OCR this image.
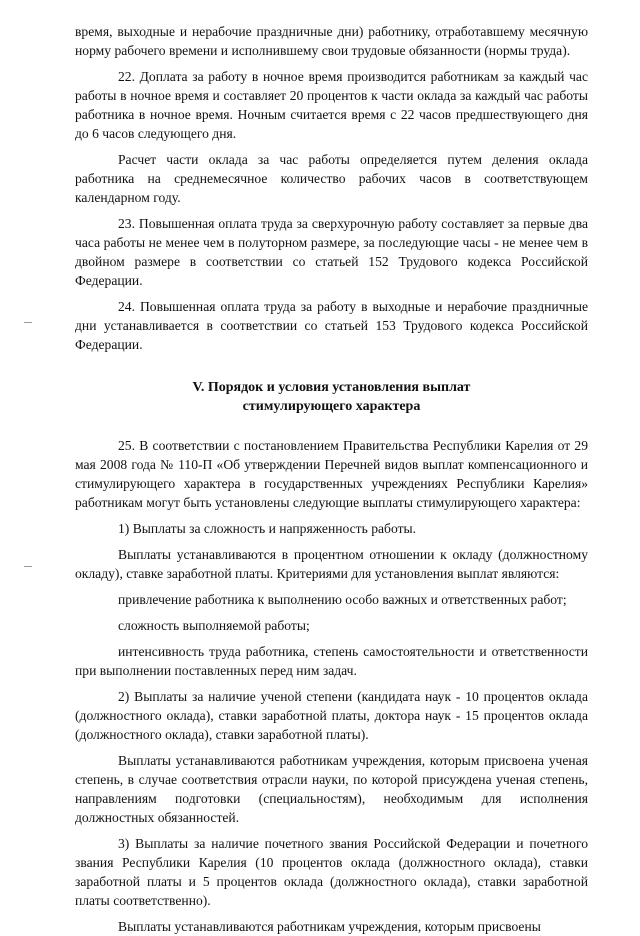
время, выходные и нерабочие праздничные дни) работнику, отработавшему месячную норму рабочего времени и исполнившему свои трудовые обязанности (нормы труда).

22. Доплата за работу в ночное время производится работникам за каждый час работы в ночное время и составляет 20 процентов к части оклада за каждый час работы работника в ночное время. Ночным считается время с 22 часов предшествующего дня до 6 часов следующего дня.

Расчет части оклада за час работы определяется путем деления оклада работника на среднемесячное количество рабочих часов в соответствующем календарном году.

23. Повышенная оплата труда за сверхурочную работу составляет за первые два часа работы не менее чем в полуторном размере, за последующие часы - не менее чем в двойном размере в соответствии со статьей 152 Трудового кодекса Российской Федерации.

24. Повышенная оплата труда за работу в выходные и нерабочие праздничные дни устанавливается в соответствии со статьей 153 Трудового кодекса Российской Федерации.

V. Порядок и условия установления выплат
стимулирующего характера

25. В соответствии с постановлением Правительства Республики Карелия от 29 мая 2008 года № 110-П «Об утверждении Перечней видов выплат компенсационного и стимулирующего характера в государственных учреждениях Республики Карелия» работникам могут быть установлены следующие выплаты стимулирующего характера:

1) Выплаты за сложность и напряженность работы.

Выплаты устанавливаются в процентном отношении к окладу (должностному окладу), ставке заработной платы. Критериями для установления выплат являются:

привлечение работника к выполнению особо важных и ответственных работ;

сложность выполняемой работы;

интенсивность труда работника, степень самостоятельности и ответственности при выполнении поставленных перед ним задач.

2) Выплаты за наличие ученой степени (кандидата наук - 10 процентов оклада (должностного оклада), ставки заработной платы, доктора наук - 15 процентов оклада (должностного оклада), ставки заработной платы).

Выплаты устанавливаются работникам учреждения, которым присвоена ученая степень, в случае соответствия отрасли науки, по которой присуждена ученая степень, направлениям подготовки (специальностям), необходимым для исполнения должностных обязанностей.

3) Выплаты за наличие почетного звания Российской Федерации и почетного звания Республики Карелия (10 процентов оклада (должностного оклада), ставки заработной платы и 5 процентов оклада (должностного оклада), ставки заработной платы соответственно).

Выплаты устанавливаются работникам учреждения, которым присвоены
